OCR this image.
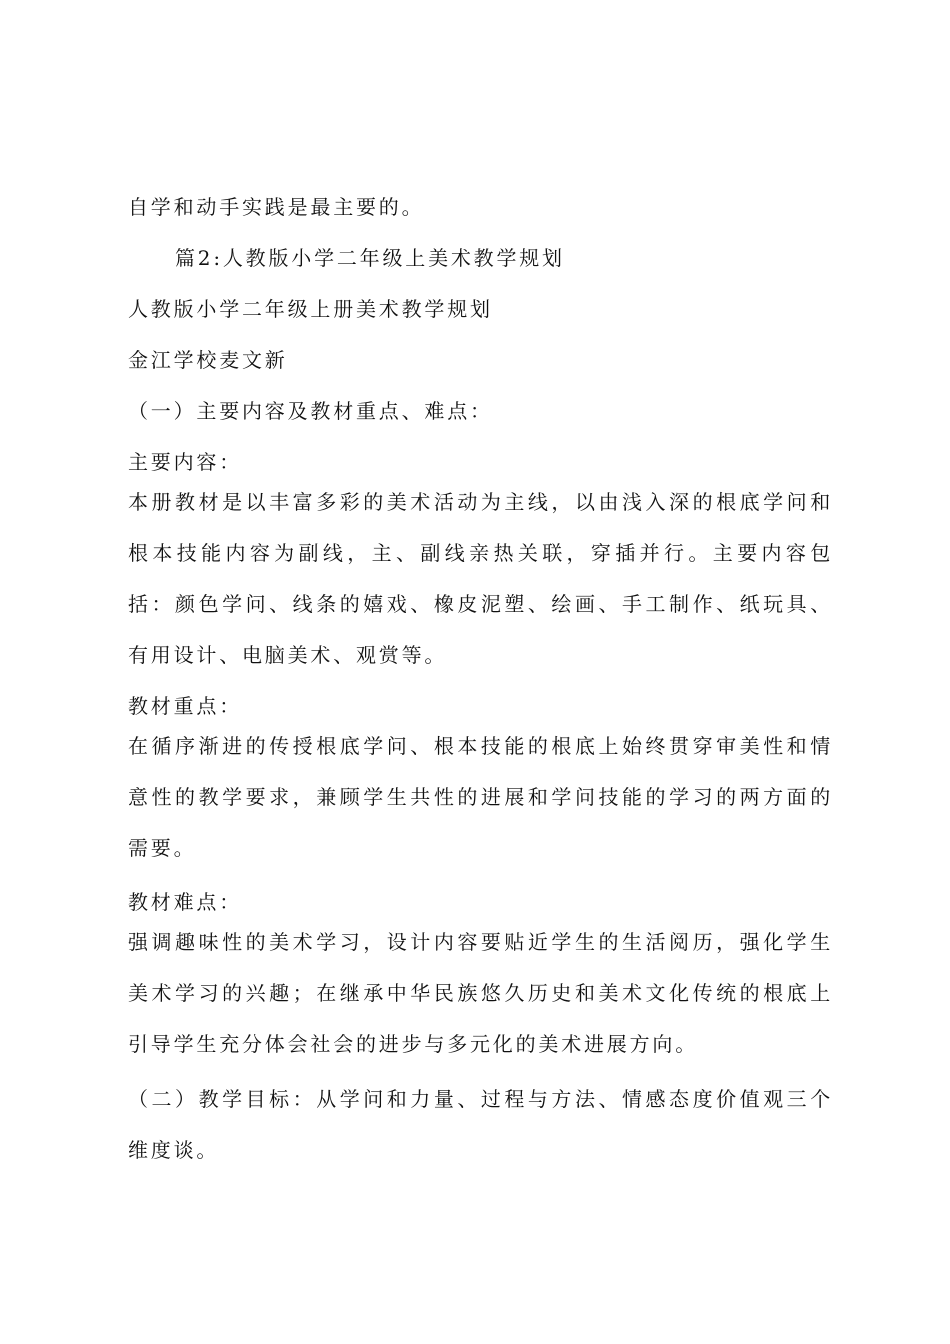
自学和动手实践是最主要的。
篇2:人教版小学二年级上美术教学规划
人教版小学二年级上册美术教学规划
金江学校麦文新
（一）主要内容及教材重点、难点：
主要内容：
本册教材是以丰富多彩的美术活动为主线，以由浅入深的根底学问和根本技能内容为副线，主、副线亲热关联，穿插并行。主要内容包括：颜色学问、线条的嬉戏、橡皮泥塑、绘画、手工制作、纸玩具、有用设计、电脑美术、观赏等。
教材重点：
在循序渐进的传授根底学问、根本技能的根底上始终贯穿审美性和情意性的教学要求，兼顾学生共性的进展和学问技能的学习的两方面的需要。
教材难点：
强调趣味性的美术学习，设计内容要贴近学生的生活阅历，强化学生美术学习的兴趣；在继承中华民族悠久历史和美术文化传统的根底上引导学生充分体会社会的进步与多元化的美术进展方向。
（二）教学目标：从学问和力量、过程与方法、情感态度价值观三个维度谈。
